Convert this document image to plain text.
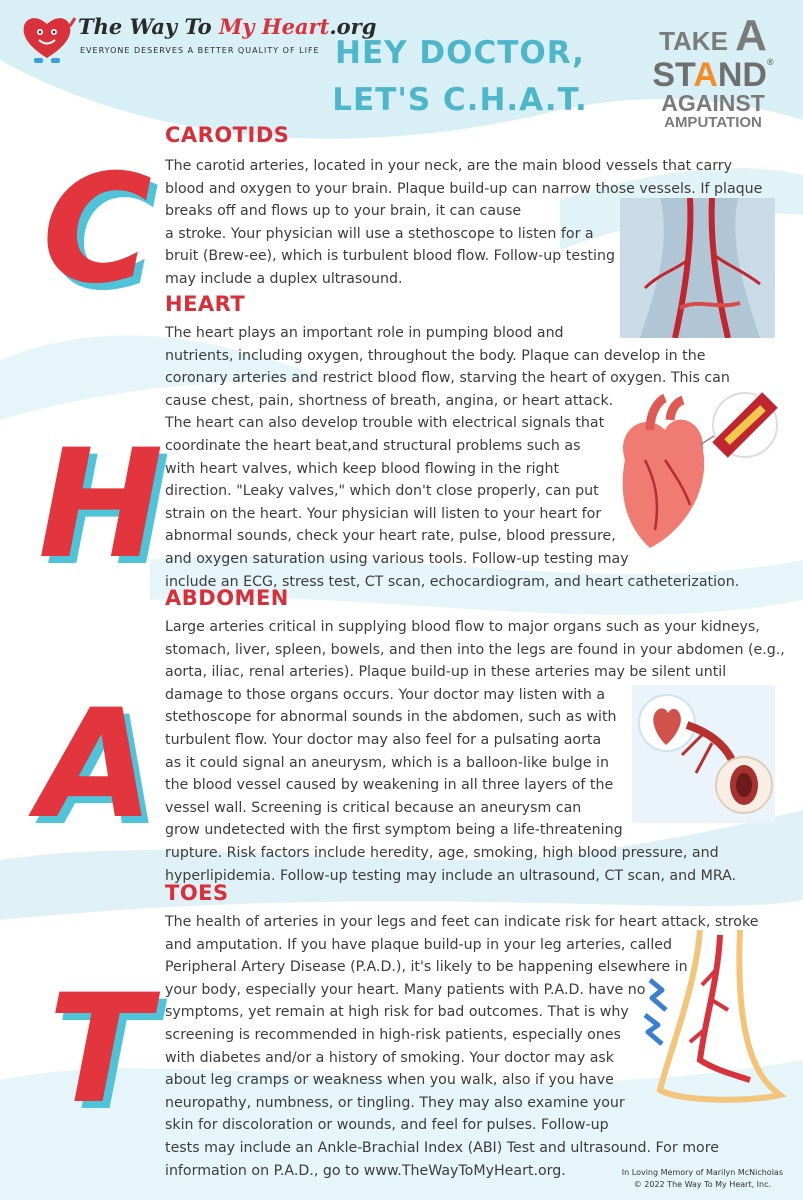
The Way To My Heart.org
EVERYONE DESERVES A BETTER QUALITY OF LIFE HEY DOCTOR,
LET'S C.H.A.T.
TAKE A
STAND®
AGAINST
AMPUTATION
C
H
A
T
CAROTIDS
The carotid arteries, located in your neck, are the main blood vessels that carry
blood and oxygen to your brain. Plaque build-up can narrow those vessels. If plaque
breaks off and flows up to your brain, it can cause
a stroke. Your physician will use a stethoscope to listen for a
bruit (Brew-ee), which is turbulent blood flow. Follow-up testing
may include a duplex ultrasound.
HEART
The heart plays an important role in pumping blood and
nutrients, including oxygen, throughout the body. Plaque can develop in the
coronary arteries and restrict blood flow, starving the heart of oxygen. This can
cause chest, pain, shortness of breath, angina, or heart attack.
The heart can also develop trouble with electrical signals that
coordinate the heart beat,and structural problems such as
with heart valves, which keep blood flowing in the right
direction. "Leaky valves," which don't close properly, can put
strain on the heart. Your physician will listen to your heart for
abnormal sounds, check your heart rate, pulse, blood pressure,
and oxygen saturation using various tools. Follow-up testing may
include an ECG, stress test, CT scan, echocardiogram, and heart catheterization.
ABDOMEN
Large arteries critical in supplying blood flow to major organs such as your kidneys,
stomach, liver, spleen, bowels, and then into the legs are found in your abdomen (e.g.,
aorta, iliac, renal arteries). Plaque build-up in these arteries may be silent until
damage to those organs occurs. Your doctor may listen with a
stethoscope for abnormal sounds in the abdomen, such as with
turbulent flow. Your doctor may also feel for a pulsating aorta
as it could signal an aneurysm, which is a balloon-like bulge in
the blood vessel caused by weakening in all three layers of the
vessel wall. Screening is critical because an aneurysm can
grow undetected with the first symptom being a life-threatening
rupture. Risk factors include heredity, age, smoking, high blood pressure, and
hyperlipidemia. Follow-up testing may include an ultrasound, CT scan, and MRA.
TOES
The health of arteries in your legs and feet can indicate risk for heart attack, stroke
and amputation. If you have plaque build-up in your leg arteries, called
Peripheral Artery Disease (P.A.D.), it's likely to be happening elsewhere in
your body, especially your heart. Many patients with P.A.D. have no
symptoms, yet remain at high risk for bad outcomes. That is why
screening is recommended in high-risk patients, especially ones
with diabetes and/or a history of smoking. Your doctor may ask
about leg cramps or weakness when you walk, also if you have
neuropathy, numbness, or tingling. They may also examine your
skin for discoloration or wounds, and feel for pulses. Follow-up
tests may include an Ankle-Brachial Index (ABI) Test and ultrasound. For more
information on P.A.D., go to www.TheWayToMyHeart.org.	In Loving Memory of Marilyn McNicholas
© 2022 The Way To My Heart, Inc.
